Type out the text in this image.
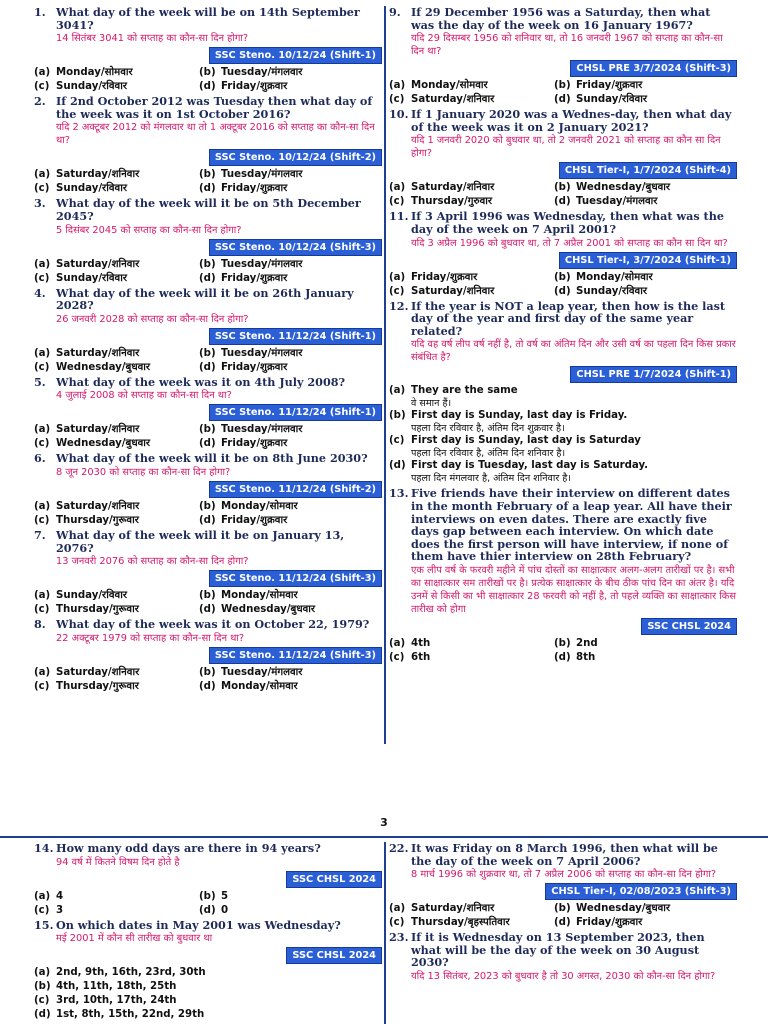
1. What day of the week will be on 14th September 3041?
14 सितंबर 3041 को सप्ताह का कौन-सा दिन होगा?
SSC Steno. 10/12/24 (Shift-1)
(a) Monday/सोमवार	(b) Tuesday/मंगलवार
(c) Sunday/रविवार	(d) Friday/शुक्रवार
2. If 2nd October 2012 was Tuesday then what day of the week was it on 1st October 2016?
यदि 2 अक्टूबर 2012 को मंगलवार था तो 1 अक्टूबर 2016 को सप्ताह का कौन-सा दिन था?
SSC Steno. 10/12/24 (Shift-2)
(a) Saturday/शनिवार	(b) Tuesday/मंगलवार
(c) Sunday/रविवार	(d) Friday/शुक्रवार
3. What day of the week will it be on 5th December 2045?
5 दिसंबर 2045 को सप्ताह का कौन-सा दिन होगा?
SSC Steno. 10/12/24 (Shift-3)
(a) Saturday/शनिवार	(b) Tuesday/मंगलवार
(c) Sunday/रविवार	(d) Friday/शुक्रवार
4. What day of the week will it be on 26th January 2028?
26 जनवरी 2028 को सप्ताह का कौन-सा दिन होगा?
SSC Steno. 11/12/24 (Shift-1)
(a) Saturday/शनिवार	(b) Tuesday/मंगलवार
(c) Wednesday/बुधवार	(d) Friday/शुक्रवार
5. What day of the week was it on 4th July 2008?
4 जुलाई 2008 को सप्ताह का कौन-सा दिन था?
SSC Steno. 11/12/24 (Shift-1)
(a) Saturday/शनिवार	(b) Tuesday/मंगलवार
(c) Wednesday/बुधवार	(d) Friday/शुक्रवार
6. What day of the week will it be on 8th June 2030?
8 जून 2030 को सप्ताह का कौन-सा दिन होगा?
SSC Steno. 11/12/24 (Shift-2)
(a) Saturday/शनिवार	(b) Monday/सोमवार
(c) Thursday/गुरूवार	(d) Friday/शुक्रवार
7. What day of the week will it be on January 13, 2076?
13 जनवरी 2076 को सप्ताह का कौन-सा दिन होगा?
SSC Steno. 11/12/24 (Shift-3)
(a) Sunday/रविवार	(b) Monday/सोमवार
(c) Thursday/गुरूवार	(d) Wednesday/बुधवार
8. What day of the week was it on October 22, 1979?
22 अक्टूबर 1979 को सप्ताह का कौन-सा दिन था?
SSC Steno. 11/12/24 (Shift-3)
(a) Saturday/शनिवार	(b) Tuesday/मंगलवार
(c) Thursday/गुरूवार	(d) Monday/सोमवार
9. If 29 December 1956 was a Saturday, then what was the day of the week on 16 January 1967?
यदि 29 दिसम्बर 1956 को शनिवार था, तो 16 जनवरी 1967 को सप्ताह का कौन-सा दिन था?
CHSL PRE 3/7/2024 (Shift-3)
(a) Monday/सोमवार	(b) Friday/शुक्रवार
(c) Saturday/शनिवार	(d) Sunday/रविवार
10. If 1 January 2020 was a Wednes-day, then what day of the week was it on 2 January 2021?
यदि 1 जनवरी 2020 को बुधवार था, तो 2 जनवरी 2021 को सप्ताह का कौन सा दिन होगा?
CHSL Tier-I, 1/7/2024 (Shift-4)
(a) Saturday/शनिवार	(b) Wednesday/बुधवार
(c) Thursday/गुरुवार	(d) Tuesday/मंगलवार
11. If 3 April 1996 was Wednesday, then what was the day of the week on 7 April 2001?
यदि 3 अप्रैल 1996 को बुधवार था, तो 7 अप्रैल 2001 को सप्ताह का कौन सा दिन था?
CHSL Tier-I, 3/7/2024 (Shift-1)
(a) Friday/शुक्रवार	(b) Monday/सोमवार
(c) Saturday/शनिवार	(d) Sunday/रविवार
12. If the year is NOT a leap year, then how is the last day of the year and first day of the same year related?
यदि वह वर्ष लीप वर्ष नहीं है, तो वर्ष का अंतिम दिन और उसी वर्ष का पहला दिन किस प्रकार संबंधित है?
CHSL PRE 1/7/2024 (Shift-1)
(a) They are the same
वे समान हैं।
(b) First day is Sunday, last day is Friday.
पहला दिन रविवार है, अंतिम दिन शुक्रवार है।
(c) First day is Sunday, last day is Saturday
पहला दिन रविवार है, अंतिम दिन शनिवार है।
(d) First day is Tuesday, last day is Saturday.
पहला दिन मंगलवार है, अंतिम दिन शनिवार है।
13. Five friends have their interview on different dates in the month February of a leap year. All have their interviews on even dates. There are exactly five days gap between each interview. On which date does the first person will have interview, if none of them have thier interview on 28th February?
एक लीप वर्ष के फरवरी महीने में पांच दोस्तों का साक्षात्कार अलग-अलग तारीखों पर है। सभी का साक्षात्कार सम तारीखों पर है। प्रत्येक साक्षात्कार के बीच ठीक पांच दिन का अंतर है। यदि उनमें से किसी का भी साक्षात्कार 28 फरवरी को नहीं है, तो पहले व्यक्ति का साक्षात्कार किस तारीख को होगा
SSC CHSL 2024
(a) 4th	(b) 2nd
(c) 6th	(d) 8th
3
14. How many odd days are there in 94 years?
94 वर्ष में कितने विषम दिन होते है
SSC CHSL 2024
(a) 4	(b) 5
(c) 3	(d) 0
15. On which dates in May 2001 was Wednesday?
मई 2001 में कौन सी तारीख को बुधवार था
SSC CHSL 2024
(a) 2nd, 9th, 16th, 23rd, 30th
(b) 4th, 11th, 18th, 25th
(c) 3rd, 10th, 17th, 24th
(d) 1st, 8th, 15th, 22nd, 29th
22. It was Friday on 8 March 1996, then what will be the day of the week on 7 April 2006?
8 मार्च 1996 को शुक्रवार था, तो 7 अप्रैल 2006 को सप्ताह का कौन-सा दिन होगा?
CHSL Tier-I, 02/08/2023 (Shift-3)
(a) Saturday/शनिवार	(b) Wednesday/बुधवार
(c) Thursday/बृहस्पतिवार	(d) Friday/शुक्रवार
23. If it is Wednesday on 13 September 2023, then what will be the day of the week on 30 August 2030?
यदि 13 सितंबर, 2023 को बुधवार है तो 30 अगस्त, 2030 को कौन-सा दिन होगा?
